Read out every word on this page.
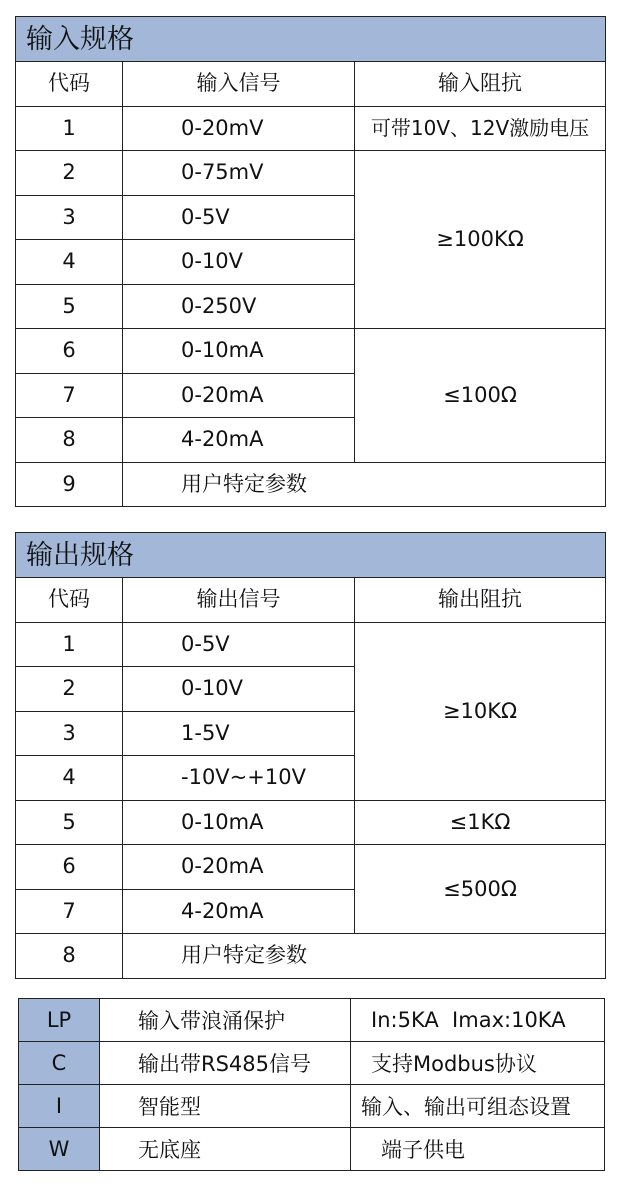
输入规格		
代码	输入信号	输入阻抗
1	0-20mV	可带10V、12V激励电压
2	0-75mV	≥100KΩ
3	0-5V	
4	0-10V	
5	0-250V	
6	0-10mA	≤100Ω
7	0-20mA	
8	4-20mA	
9	用户特定参数	
输出规格		
代码	输出信号	输出阻抗
1	0-5V	≥10KΩ
2	0-10V	
3	1-5V	
4	-10V~+10V	
5	0-10mA	≤1KΩ
6	0-20mA	≤500Ω
7	4-20mA	
8	用户特定参数	
LP	输入带浪涌保护	In:5KA  Imax:10KA
C	输出带RS485信号	支持Modbus协议
I	智能型	输入、输出可组态设置
W	无底座	端子供电
